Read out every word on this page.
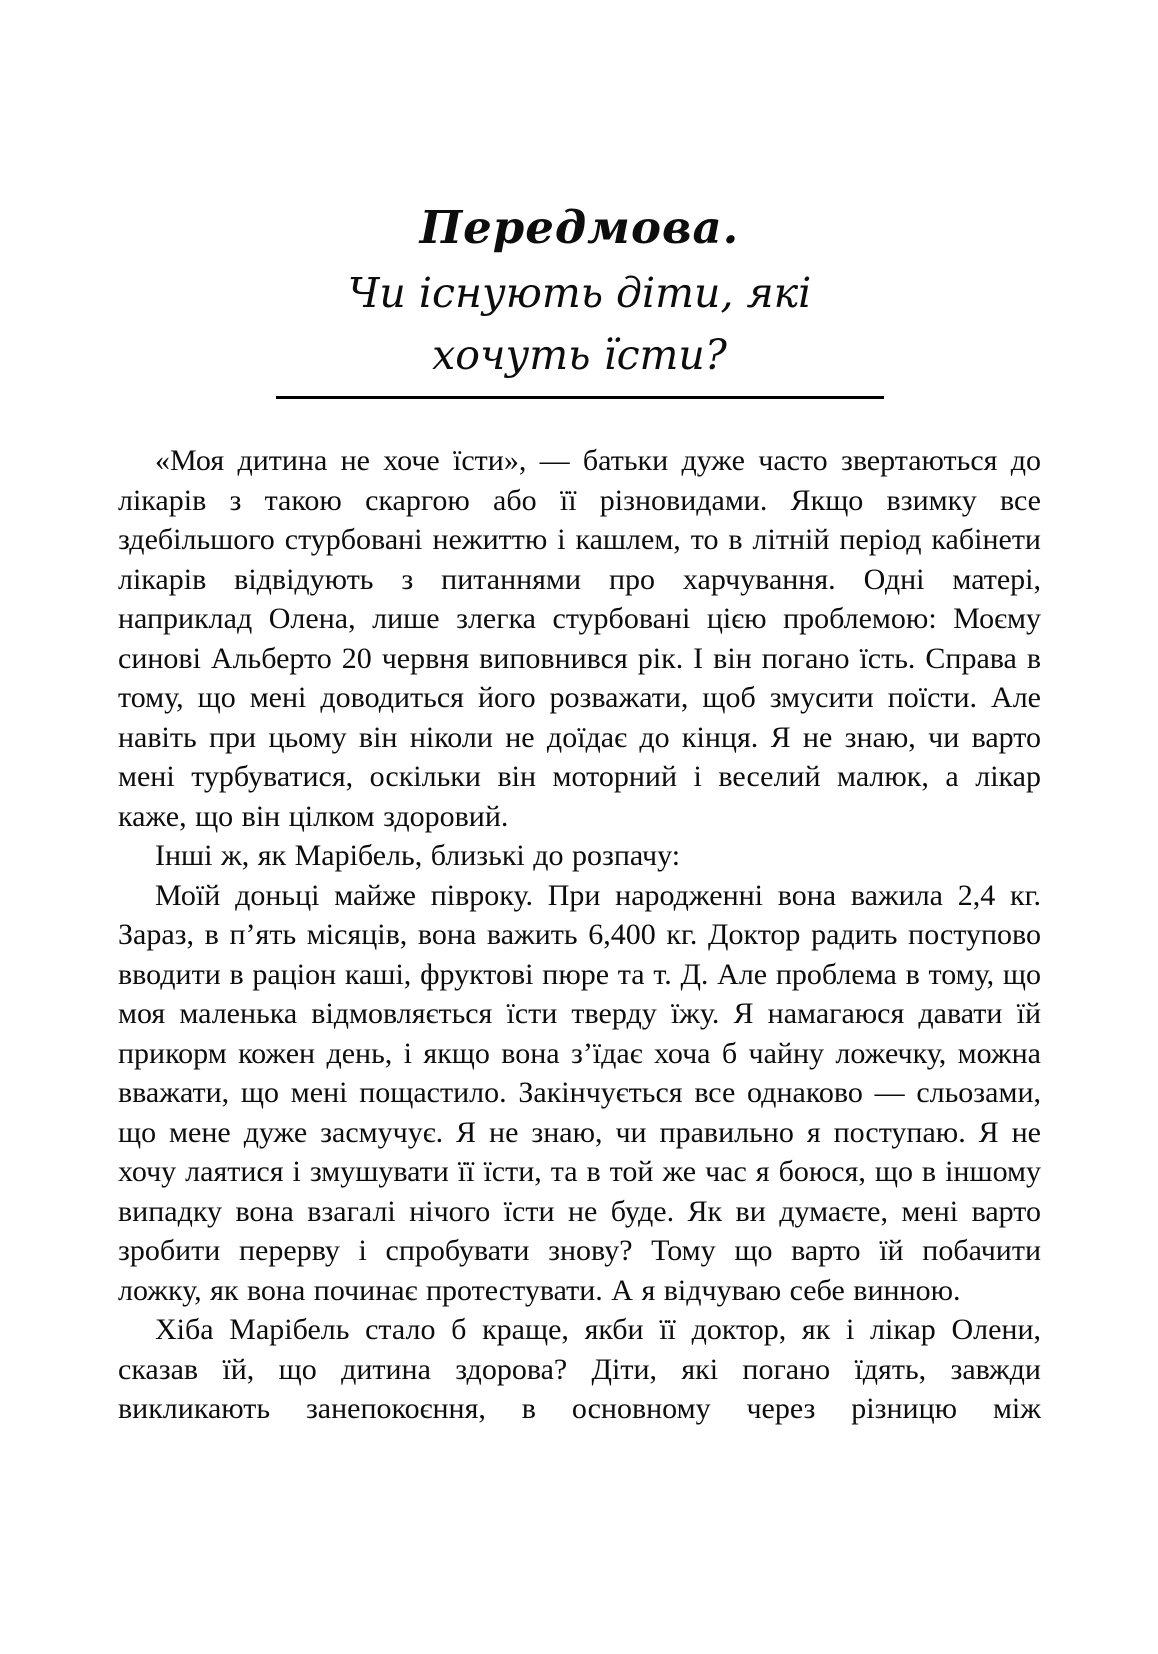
Передмова.
Чи існують діти, які
хочуть їсти?

«Моя дитина не хоче їсти», — батьки дуже часто звертаються до лікарів з такою скаргою або її різновидами. Якщо взимку все здебільшого стурбовані нежиттю і кашлем, то в літній період кабінети лікарів відвідують з питаннями про харчування. Одні матері, наприклад Олена, лише злегка стурбовані цією проблемою: Моєму синові Альберто 20 червня виповнився рік. І він погано їсть. Справа в тому, що мені доводиться його розважати, щоб змусити поїсти. Але навіть при цьому він ніколи не доїдає до кінця. Я не знаю, чи варто мені турбуватися, оскільки він моторний і веселий малюк, а лікар каже, що він цілком здоровий.

Інші ж, як Марібель, близькі до розпачу:

Моїй доньці майже півроку. При народженні вона важила 2,4 кг. Зараз, в п’ять місяців, вона важить 6,400 кг. Доктор радить поступово вводити в раціон каші, фруктові пюре та т. Д. Але проблема в тому, що моя маленька відмовляється їсти тверду їжу. Я намагаюся давати їй прикорм кожен день, і якщо вона з’їдає хоча б чайну ложечку, можна вважати, що мені пощастило. Закінчується все однаково — сльозами, що мене дуже засмучує. Я не знаю, чи правильно я поступаю. Я не хочу лаятися і змушувати її їсти, та в той же час я боюся, що в іншому випадку вона взагалі нічого їсти не буде. Як ви думаєте, мені варто зробити перерву і спробувати знову? Тому що варто їй побачити ложку, як вона починає протестувати. А я відчуваю себе винною.

Хіба Марібель стало б краще, якби її доктор, як і лікар Олени, сказав їй, що дитина здорова? Діти, які погано їдять, завжди викликають занепокоєння, в основному через різницю між
